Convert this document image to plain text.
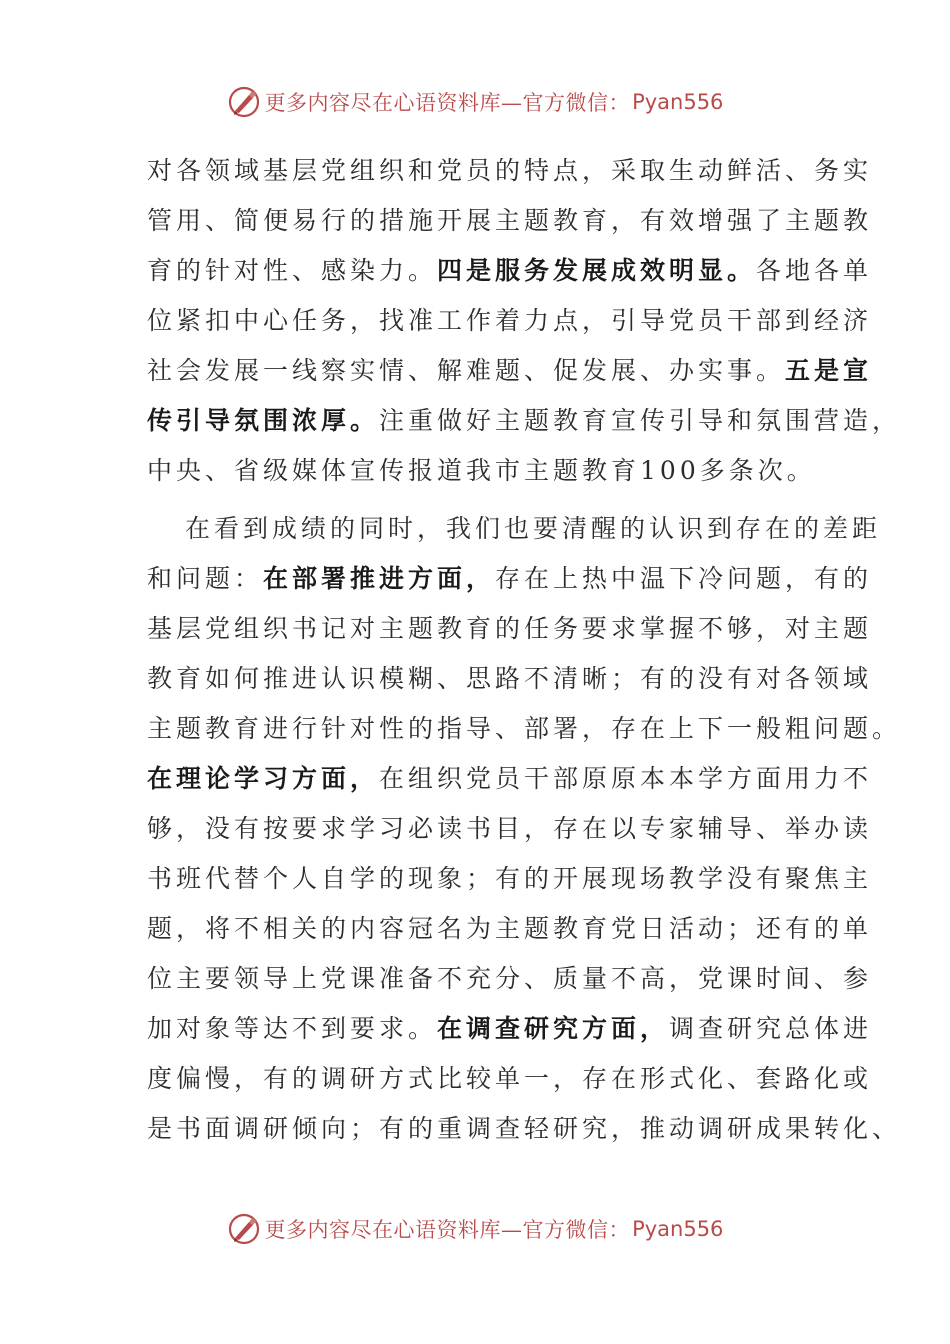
更多内容尽在心语资料库—官方微信： Pyan556
对各领域基层党组织和党员的特点，采取生动鲜活、务实
管用、简便易行的措施开展主题教育，有效增强了主题教
育的针对性、感染力。四是服务发展成效明显。各地各单
位紧扣中心任务，找准工作着力点，引导党员干部到经济
社会发展一线察实情、解难题、促发展、办实事。五是宣
传引导氛围浓厚。注重做好主题教育宣传引导和氛围营造，
中央、省级媒体宣传报道我市主题教育100多条次。
在看到成绩的同时，我们也要清醒的认识到存在的差距
和问题：在部署推进方面，存在上热中温下冷问题，有的
基层党组织书记对主题教育的任务要求掌握不够，对主题
教育如何推进认识模糊、思路不清晰；有的没有对各领域
主题教育进行针对性的指导、部署，存在上下一般粗问题。
在理论学习方面，在组织党员干部原原本本学方面用力不
够，没有按要求学习必读书目，存在以专家辅导、举办读
书班代替个人自学的现象；有的开展现场教学没有聚焦主
题，将不相关的内容冠名为主题教育党日活动；还有的单
位主要领导上党课准备不充分、质量不高，党课时间、参
加对象等达不到要求。在调查研究方面，调查研究总体进
度偏慢，有的调研方式比较单一，存在形式化、套路化或
是书面调研倾向；有的重调查轻研究，推动调研成果转化、
更多内容尽在心语资料库—官方微信： Pyan556
